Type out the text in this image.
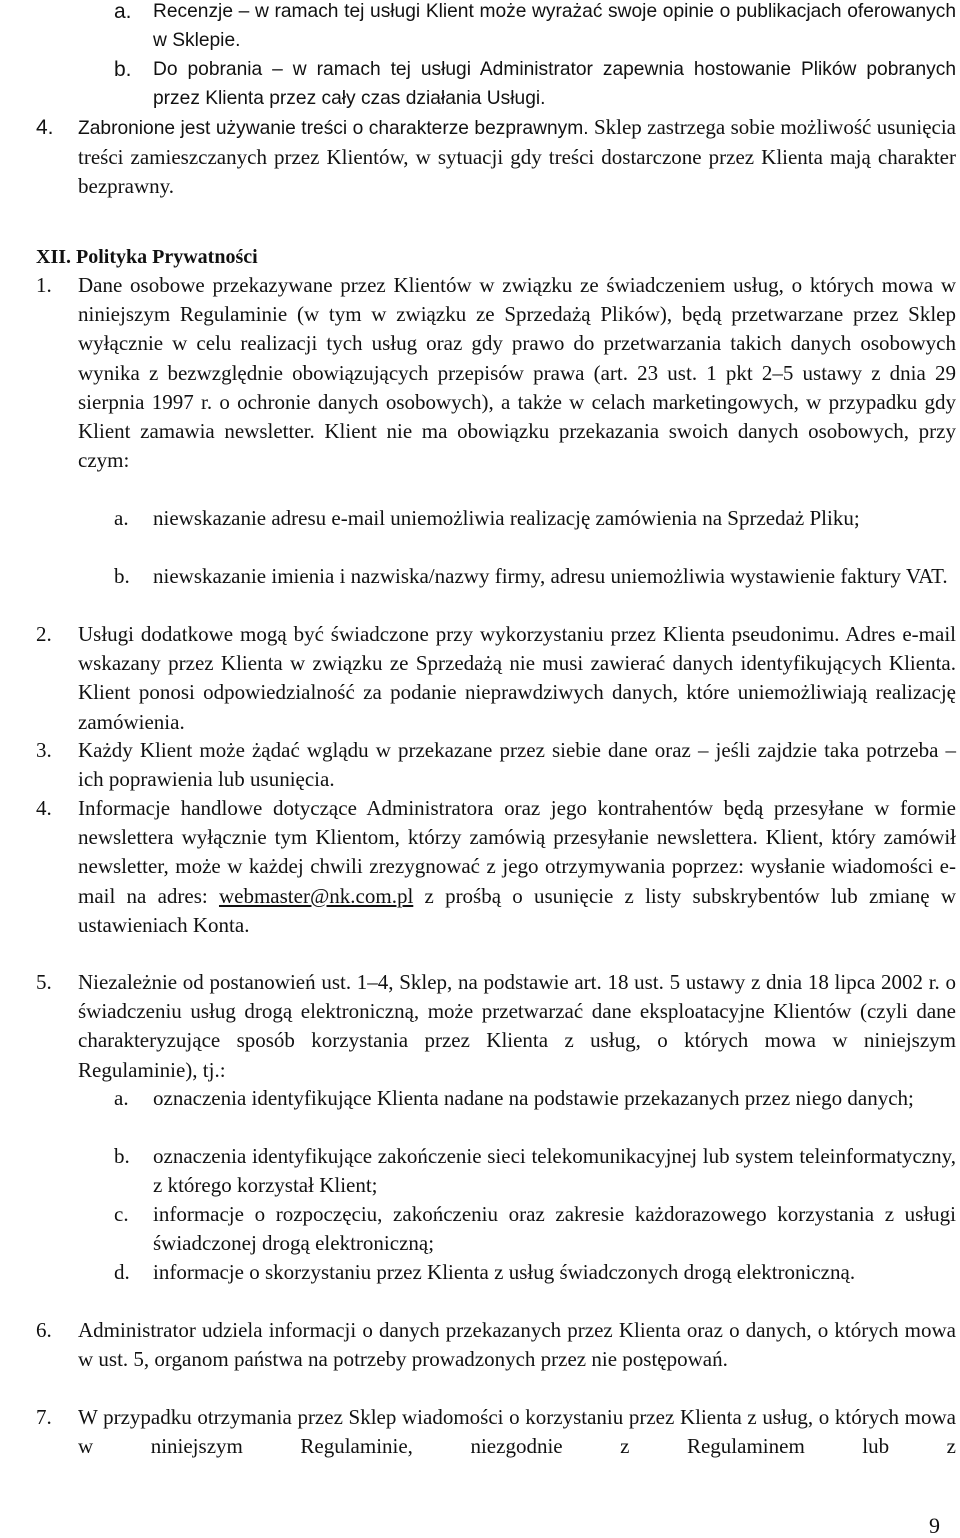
a. Recenzje – w ramach tej usługi Klient może wyrażać swoje opinie o publikacjach oferowanych w Sklepie.
b. Do pobrania – w ramach tej usługi Administrator zapewnia hostowanie Plików pobranych przez Klienta przez cały czas działania Usługi.
4. Zabronione jest używanie treści o charakterze bezprawnym. Sklep zastrzega sobie możliwość usunięcia treści zamieszczanych przez Klientów, w sytuacji gdy treści dostarczone przez Klienta mają charakter bezprawny.
XII. Polityka Prywatności
1. Dane osobowe przekazywane przez Klientów w związku ze świadczeniem usług, o których mowa w niniejszym Regulaminie (w tym w związku ze Sprzedażą Plików), będą przetwarzane przez Sklep wyłącznie w celu realizacji tych usług oraz gdy prawo do przetwarzania takich danych osobowych wynika z bezwzględnie obowiązujących przepisów prawa (art. 23 ust. 1 pkt 2–5 ustawy z dnia 29 sierpnia 1997 r. o ochronie danych osobowych), a także w celach marketingowych, w przypadku gdy Klient zamawia newsletter. Klient nie ma obowiązku przekazania swoich danych osobowych, przy czym:
a. niewskazanie adresu e-mail uniemożliwia realizację zamówienia na Sprzedaż Pliku;
b. niewskazanie imienia i nazwiska/nazwy firmy, adresu uniemożliwia wystawienie faktury VAT.
2. Usługi dodatkowe mogą być świadczone przy wykorzystaniu przez Klienta pseudonimu. Adres e-mail wskazany przez Klienta w związku ze Sprzedażą nie musi zawierać danych identyfikujących Klienta. Klient ponosi odpowiedzialność za podanie nieprawdziwych danych, które uniemożliwiają realizację zamówienia.
3. Każdy Klient może żądać wglądu w przekazane przez siebie dane oraz – jeśli zajdzie taka potrzeba – ich poprawienia lub usunięcia.
4. Informacje handlowe dotyczące Administratora oraz jego kontrahentów będą przesyłane w formie newslettera wyłącznie tym Klientom, którzy zamówią przesyłanie newslettera. Klient, który zamówił newsletter, może w każdej chwili zrezygnować z jego otrzymywania poprzez: wysłanie wiadomości e-mail na adres: webmaster@nk.com.pl z prośbą o usunięcie z listy subskrybentów lub zmianę w ustawieniach Konta.
5. Niezależnie od postanowień ust. 1–4, Sklep, na podstawie art. 18 ust. 5 ustawy z dnia 18 lipca 2002 r. o świadczeniu usług drogą elektroniczną, może przetwarzać dane eksploatacyjne Klientów (czyli dane charakteryzujące sposób korzystania przez Klienta z usług, o których mowa w niniejszym Regulaminie), tj.:
a. oznaczenia identyfikujące Klienta nadane na podstawie przekazanych przez niego danych;
b. oznaczenia identyfikujące zakończenie sieci telekomunikacyjnej lub system teleinformatyczny, z którego korzystał Klient;
c. informacje o rozpoczęciu, zakończeniu oraz zakresie każdorazowego korzystania z usługi świadczonej drogą elektroniczną;
d. informacje o skorzystaniu przez Klienta z usług świadczonych drogą elektroniczną.
6. Administrator udziela informacji o danych przekazanych przez Klienta oraz o danych, o których mowa w ust. 5, organom państwa na potrzeby prowadzonych przez nie postępowań.
7. W przypadku otrzymania przez Sklep wiadomości o korzystaniu przez Klienta z usług, o których mowa w niniejszym Regulaminie, niezgodnie z Regulaminem lub z
9
